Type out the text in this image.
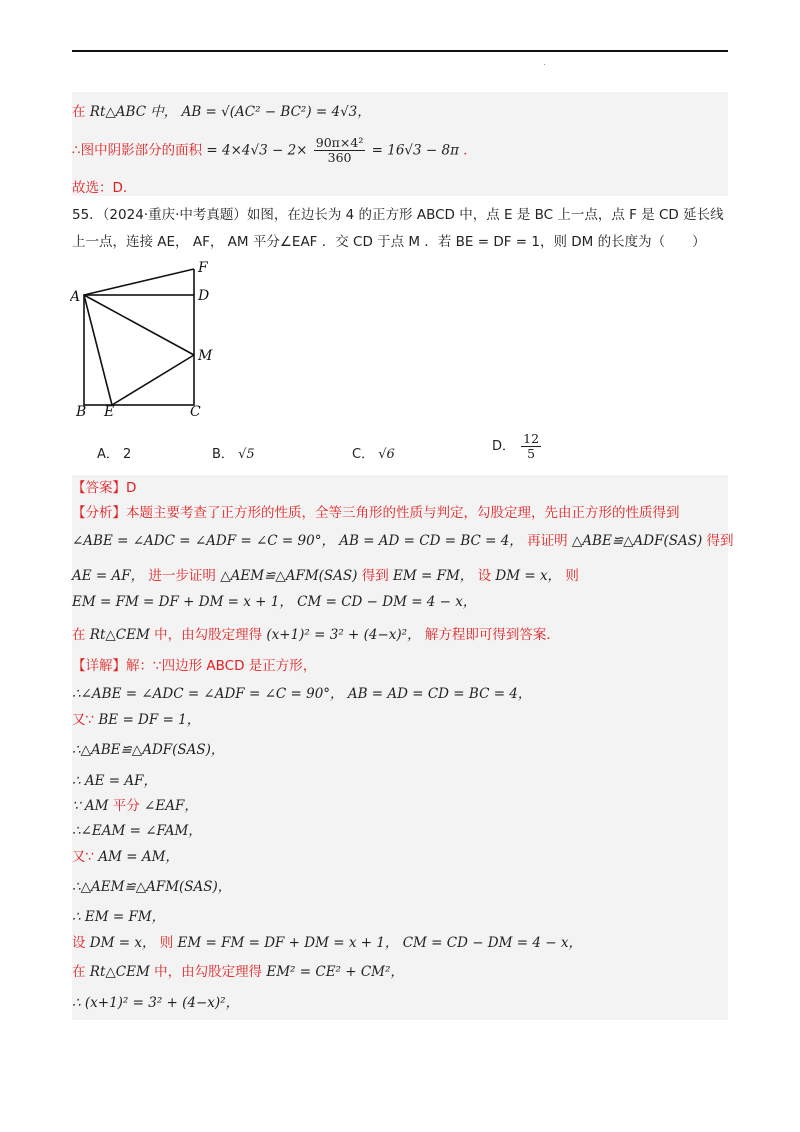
.
在 Rt△ABC 中， AB = √(AC² − BC²) = 4√3，
∴图中阴影部分的面积 = $4\times 4√3 - 2\times \frac{\text{90π×4²}}{360} = 16√3 - 8\pi$ ．
故选：D．
55．（2024·重庆·中考真题）如图，在边长为 4 的正方形 ABCD 中，点 E 是 BC 上一点，点 F 是 CD 延长线
上一点，连接 AE， AF， AM 平分∠EAF ．交 CD 于点 M ．若 BE = DF = 1，则 DM 的长度为（　　）
F
A	D
M
B E	C
A． 2	B． √5	C． √6
D． $\frac{12}{5}$
【答案】D
【分析】本题主要考查了正方形的性质，全等三角形的性质与判定，勾股定理，先由正方形的性质得到
∠ABE = ∠ADC = ∠ADF = ∠C = 90°， AB = AD = CD = BC = 4， 再证明 △ABE≌△ADF(SAS) 得到
AE = AF， 进一步证明 △AEM≌△AFM(SAS) 得到 EM = FM， 设 DM = x， 则
EM = FM = DF + DM = x + 1， CM = CD − DM = 4 − x，
在 Rt△CEM 中，由勾股定理得 (x+1)² = 3² + (4−x)²， 解方程即可得到答案．
【详解】解：∵四边形 ABCD 是正方形，
∴∠ABE = ∠ADC = ∠ADF = ∠C = 90°， AB = AD = CD = BC = 4，
又∵ BE = DF = 1，
∴△ABE≌△ADF(SAS)，
∴ AE = AF，
∵ AM 平分 ∠EAF，
∴∠EAM = ∠FAM，
又∵ AM = AM，
∴△AEM≌△AFM(SAS)，
∴ EM = FM，
设 DM = x， 则 EM = FM = DF + DM = x + 1， CM = CD − DM = 4 − x，
在 Rt△CEM 中，由勾股定理得 EM² = CE² + CM²，
∴ (x+1)² = 3² + (4−x)²，
